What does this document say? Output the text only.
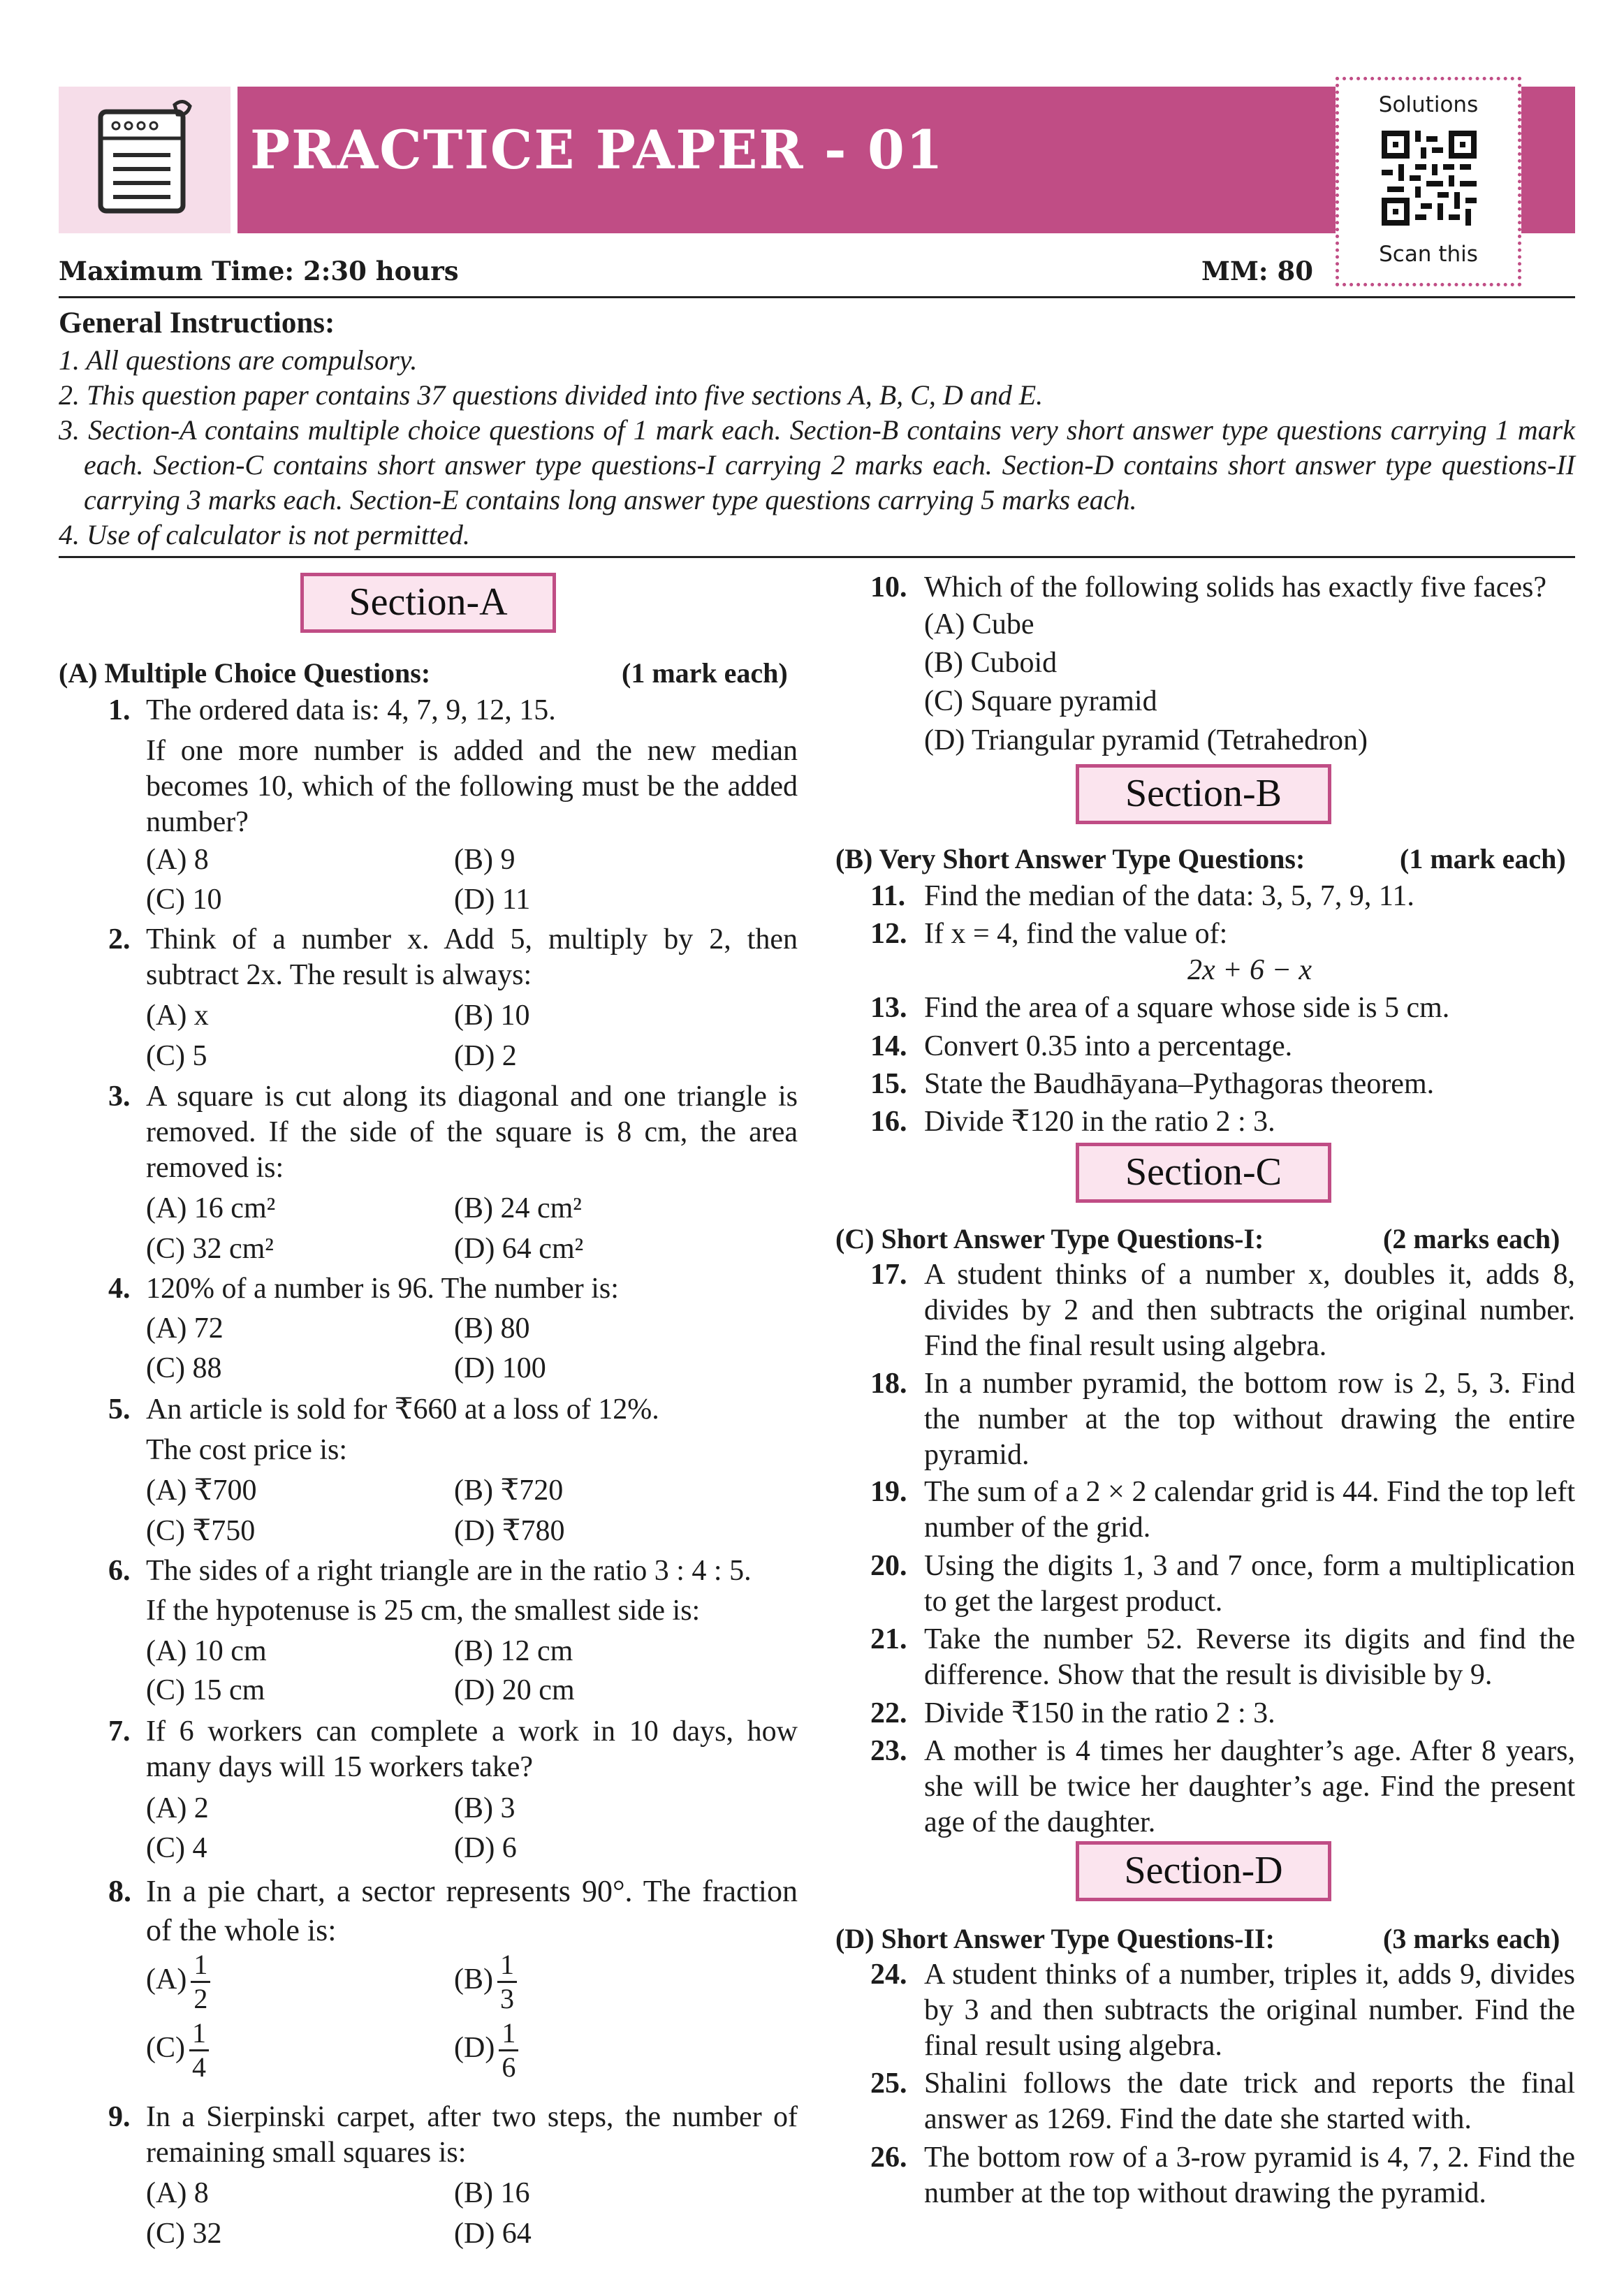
PRACTICE PAPER - 01
Solutions
Scan this
Maximum Time: 2:30 hours	MM: 80
General Instructions:
1. All questions are compulsory.
2. This question paper contains 37 questions divided into five sections A, B, C, D and E.
3. Section-A contains multiple choice questions of 1 mark each. Section-B contains very short answer type questions carrying 1 mark
each. Section-C contains short answer type questions-I carrying 2 marks each. Section-D contains short answer type questions-II
carrying 3 marks each. Section-E contains long answer type questions carrying 5 marks each.
4. Use of calculator is not permitted.
Section-A
(A) Multiple Choice Questions:	(1 mark each)
1. The ordered data is: 4, 7, 9, 12, 15.
If one more number is added and the new median becomes 10, which of the following must be the added number?
(A) 8	(B) 9
(C) 10	(D) 11
2. Think of a number x. Add 5, multiply by 2, then subtract 2x. The result is always:
(A) x	(B) 10
(C) 5	(D) 2
3. A square is cut along its diagonal and one triangle is removed. If the side of the square is 8 cm, the area removed is:
(A) 16 cm²	(B) 24 cm²
(C) 32 cm²	(D) 64 cm²
4. 120% of a number is 96. The number is:
(A) 72	(B) 80
(C) 88	(D) 100
5. An article is sold for ₹660 at a loss of 12%.
The cost price is:
(A) ₹700	(B) ₹720
(C) ₹750	(D) ₹780
6. The sides of a right triangle are in the ratio 3 : 4 : 5.
If the hypotenuse is 25 cm, the smallest side is:
(A) 10 cm	(B) 12 cm
(C) 15 cm	(D) 20 cm
7. If 6 workers can complete a work in 10 days, how many days will 15 workers take?
(A) 2	(B) 3
(C) 4	(D) 6
8. In a pie chart, a sector represents 90°. The fraction of the whole is:
$(A) \frac{1}{2}$	$(B) \frac{1}{3}$
$(C) \frac{1}{4}$	$(D) \frac{1}{6}$
9. In a Sierpinski carpet, after two steps, the number of remaining small squares is:
(A) 8	(B) 16
(C) 32	(D) 64
10. Which of the following solids has exactly five faces?
(A) Cube
(B) Cuboid
(C) Square pyramid
(D) Triangular pyramid (Tetrahedron)
Section-B
(B) Very Short Answer Type Questions:	(1 mark each)
11. Find the median of the data: 3, 5, 7, 9, 11.
12. If x = 4, find the value of:
2x + 6 − x
13. Find the area of a square whose side is 5 cm.
14. Convert 0.35 into a percentage.
15. State the Baudhāyana–Pythagoras theorem.
16. Divide ₹120 in the ratio 2 : 3.
Section-C
(C) Short Answer Type Questions-I:	(2 marks each)
17. A student thinks of a number x, doubles it, adds 8, divides by 2 and then subtracts the original number. Find the final result using algebra.
18. In a number pyramid, the bottom row is 2, 5, 3. Find the number at the top without drawing the entire pyramid.
19. The sum of a 2 × 2 calendar grid is 44. Find the top left number of the grid.
20. Using the digits 1, 3 and 7 once, form a multiplication to get the largest product.
21. Take the number 52. Reverse its digits and find the difference. Show that the result is divisible by 9.
22. Divide ₹150 in the ratio 2 : 3.
23. A mother is 4 times her daughter’s age. After 8 years, she will be twice her daughter’s age. Find the present age of the daughter.
Section-D
(D) Short Answer Type Questions-II:	(3 marks each)
24. A student thinks of a number, triples it, adds 9, divides by 3 and then subtracts the original number. Find the final result using algebra.
25. Shalini follows the date trick and reports the final answer as 1269. Find the date she started with.
26. The bottom row of a 3-row pyramid is 4, 7, 2. Find the number at the top without drawing the pyramid.
